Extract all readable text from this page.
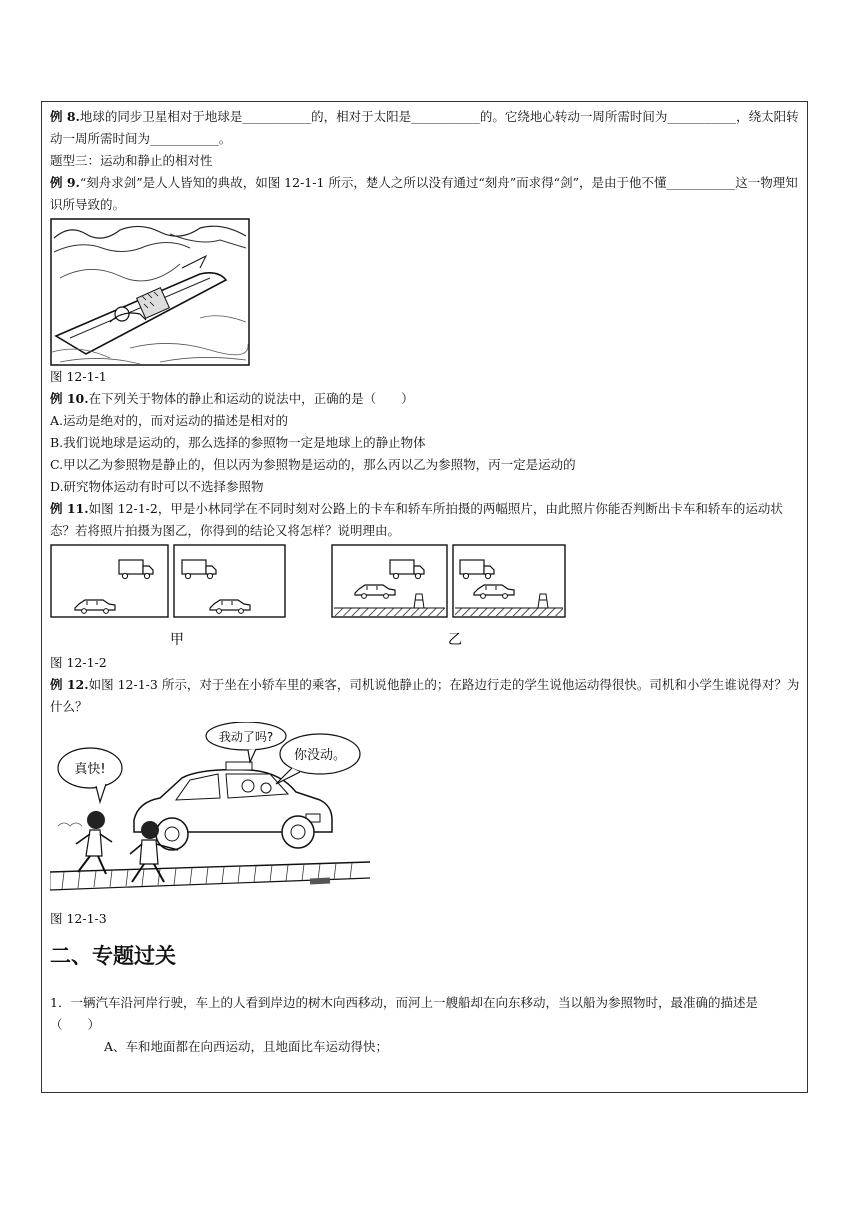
例 8.地球的同步卫星相对于地球是___________的，相对于太阳是___________的。它绕地心转动一周所需时间为___________，绕太阳转动一周所需时间为___________。

题型三：运动和静止的相对性

例 9.“刻舟求剑”是人人皆知的典故，如图 12-1-1 所示，楚人之所以没有通过“刻舟”而求得“剑”，是由于他不懂___________这一物理知识所导致的。

图 12-1-1

例 10.在下列关于物体的静止和运动的说法中，正确的是（　　）

A.运动是绝对的，而对运动的描述是相对的

B.我们说地球是运动的，那么选择的参照物一定是地球上的静止物体

C.甲以乙为参照物是静止的，但以丙为参照物是运动的，那么丙以乙为参照物，丙一定是运动的

D.研究物体运动有时可以不选择参照物

例 11.如图 12-1-2，甲是小林同学在不同时刻对公路上的卡车和轿车所拍摄的两幅照片，由此照片你能否判断出卡车和轿车的运动状态？若将照片拍摄为图乙，你得到的结论又将怎样？说明理由。

甲	乙

图 12-1-2

例 12.如图 12-1-3 所示，对于坐在小轿车里的乘客，司机说他静止的；在路边行走的学生说他运动得很快。司机和小学生谁说得对？为什么？

真快!
我动了吗?
你没动。

图 12-1-3

二、专题过关

1．一辆汽车沿河岸行驶，车上的人看到岸边的树木向西移动，而河上一艘船却在向东移动，当以船为参照物时，最准确的描述是（　　）

A、车和地面都在向西运动，且地面比车运动得快；
